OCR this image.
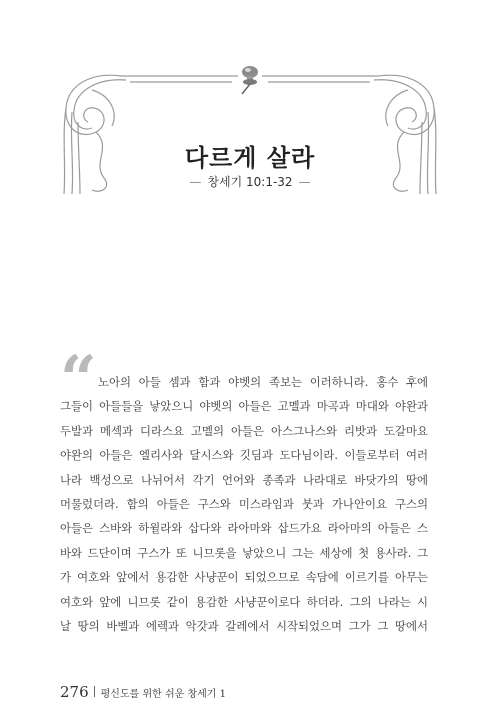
다르게 살라
— 창세기 10:1-32 —
“ 노아의 아들 셈과 함과 야벳의 족보는 이러하니라. 홍수 후에
그들이 아들들을 낳았으니 야벳의 아들은 고멜과 마곡과 마대와 야완과
두발과 메섹과 디라스요 고멜의 아들은 아스그나스와 리밧과 도갈마요
야완의 아들은 엘리사와 달시스와 깃딤과 도다님이라. 이들로부터 여러
나라 백성으로 나뉘어서 각기 언어와 종족과 나라대로 바닷가의 땅에
머물렀더라. 함의 아들은 구스와 미스라임과 붓과 가나안이요 구스의
아들은 스바와 하윌라와 삽다와 라아마와 삽드가요 라아마의 아들은 스
바와 드단이며 구스가 또 니므롯을 낳았으니 그는 세상에 첫 용사라. 그
가 여호와 앞에서 용감한 사냥꾼이 되었으므로 속담에 이르기를 아무는
여호와 앞에 니므롯 같이 용감한 사냥꾼이로다 하더라. 그의 나라는 시
날 땅의 바벨과 에렉과 악갓과 갈레에서 시작되었으며 그가 그 땅에서
276 평신도를 위한 쉬운 창세기 1
